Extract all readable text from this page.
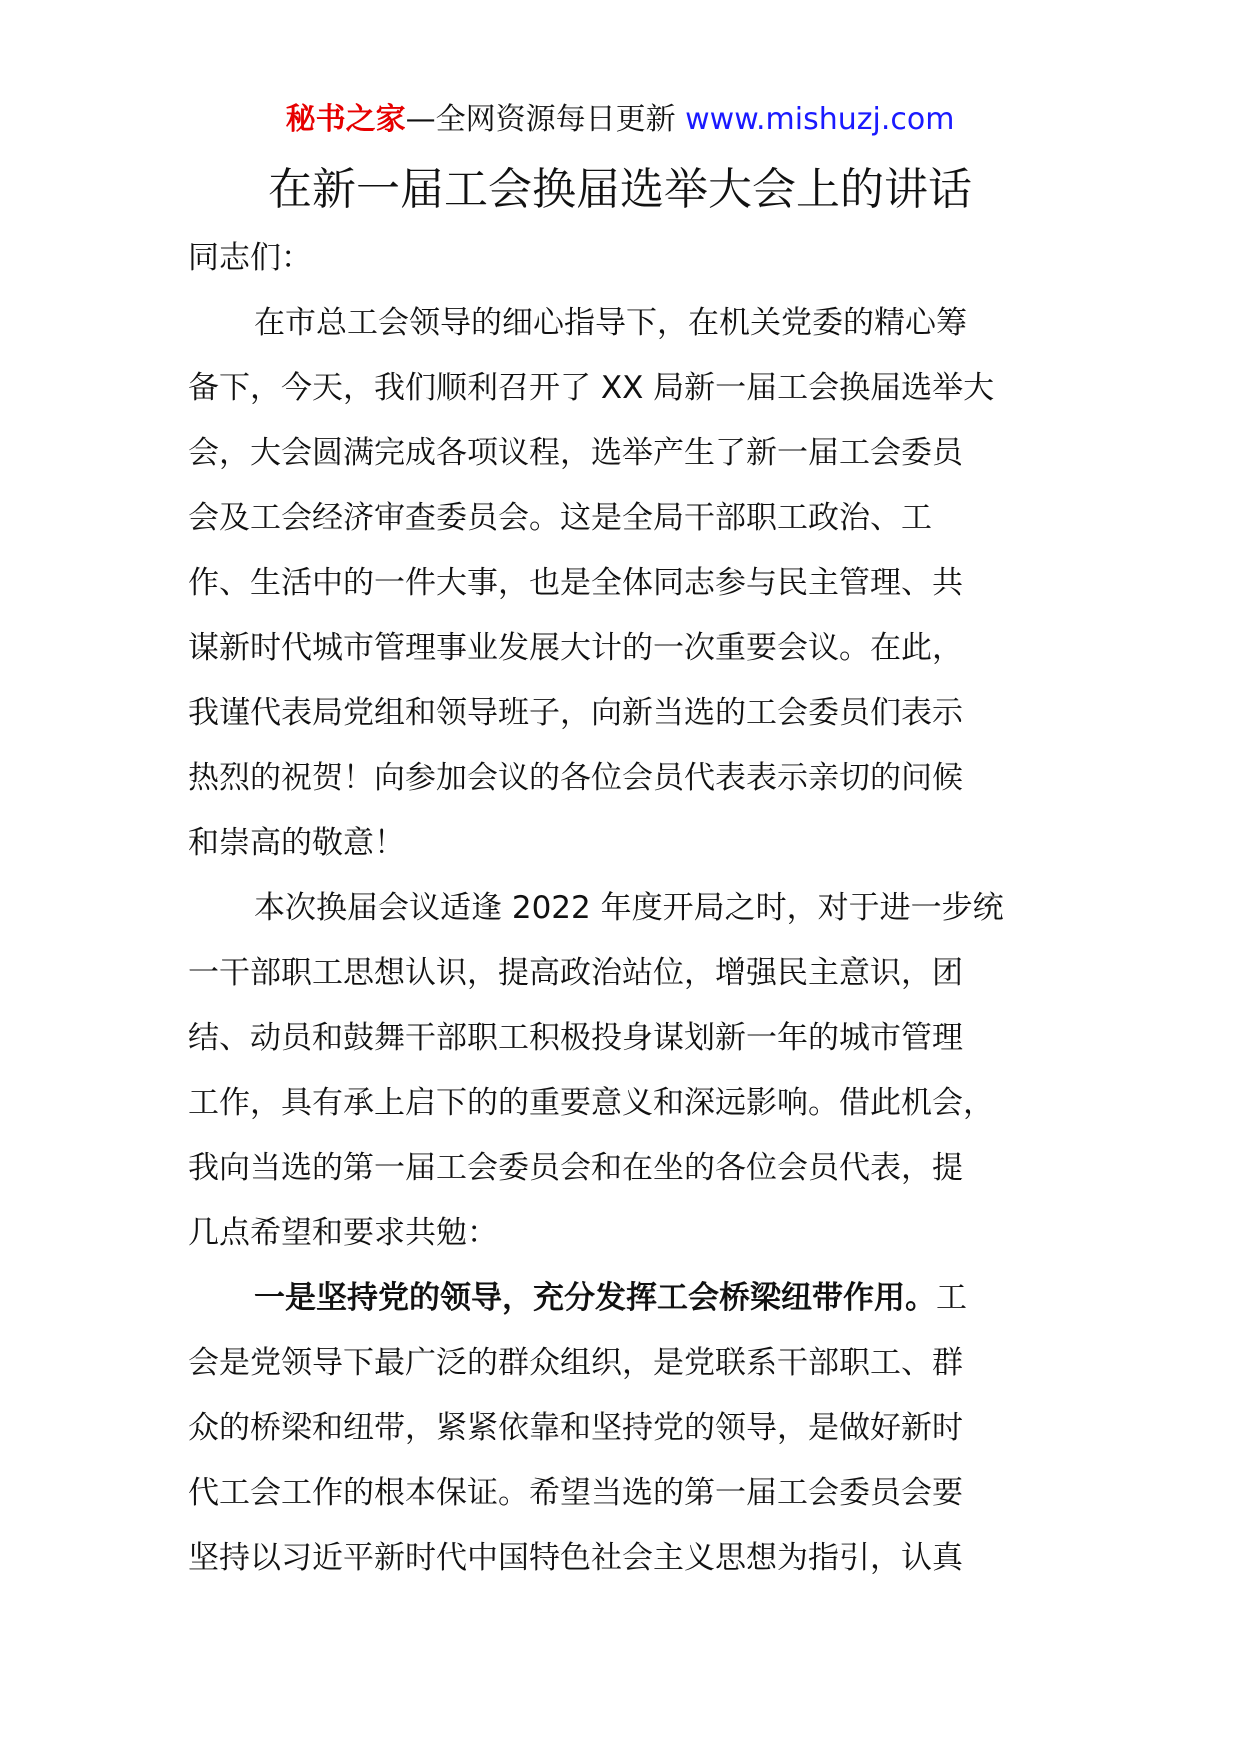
秘书之家—全网资源每日更新 www.mishuzj.com
在新一届工会换届选举大会上的讲话
同志们：
在市总工会领导的细心指导下，在机关党委的精心筹
备下，今天，我们顺利召开了 XX 局新一届工会换届选举大
会，大会圆满完成各项议程，选举产生了新一届工会委员
会及工会经济审查委员会。这是全局干部职工政治、工
作、生活中的一件大事，也是全体同志参与民主管理、共
谋新时代城市管理事业发展大计的一次重要会议。在此，
我谨代表局党组和领导班子，向新当选的工会委员们表示
热烈的祝贺！向参加会议的各位会员代表表示亲切的问候
和崇高的敬意！
本次换届会议适逢 2022 年度开局之时，对于进一步统
一干部职工思想认识，提高政治站位，增强民主意识，团
结、动员和鼓舞干部职工积极投身谋划新一年的城市管理
工作，具有承上启下的的重要意义和深远影响。借此机会，
我向当选的第一届工会委员会和在坐的各位会员代表，提
几点希望和要求共勉：
一是坚持党的领导，充分发挥工会桥梁纽带作用。工
会是党领导下最广泛的群众组织，是党联系干部职工、群
众的桥梁和纽带，紧紧依靠和坚持党的领导，是做好新时
代工会工作的根本保证。希望当选的第一届工会委员会要
坚持以习近平新时代中国特色社会主义思想为指引，认真
